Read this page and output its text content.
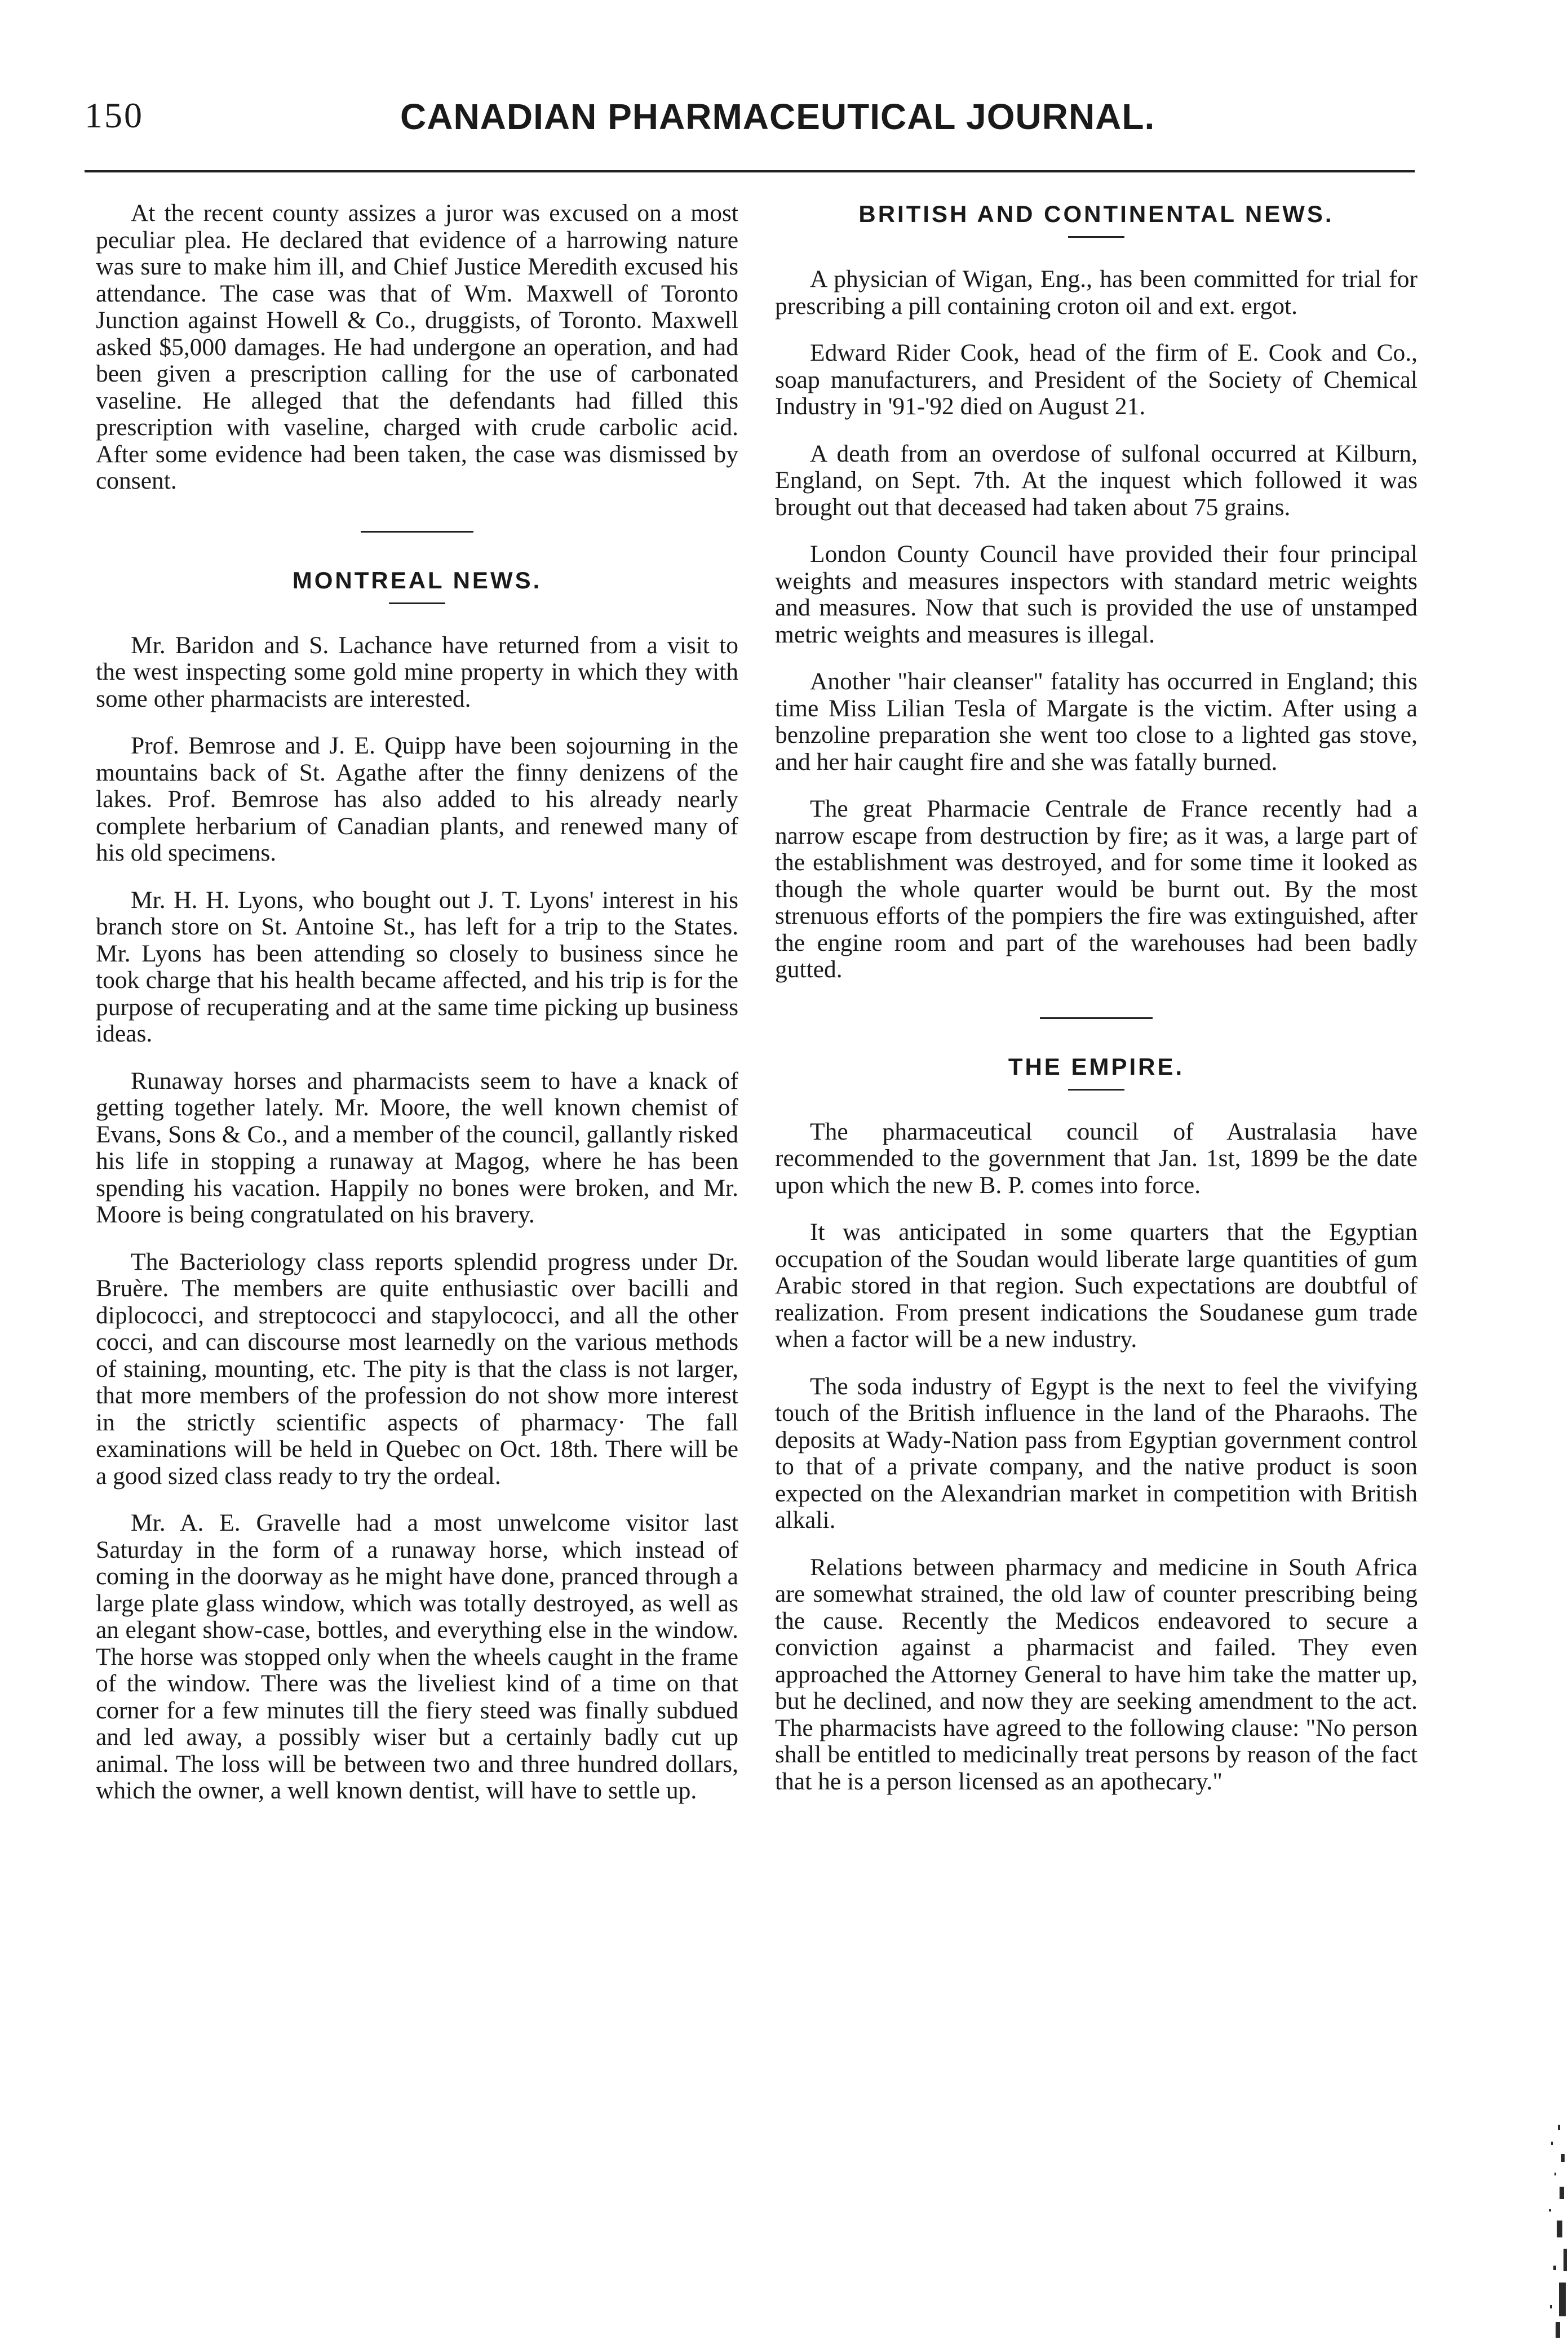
150	CANADIAN PHARMACEUTICAL JOURNAL.

At the recent county assizes a juror was excused on a most peculiar plea. He declared that evidence of a harrowing nature was sure to make him ill, and Chief Justice Meredith excused his attendance. The case was that of Wm. Maxwell of Toronto Junction against Howell & Co., druggists, of Toronto. Maxwell asked $5,000 damages. He had undergone an operation, and had been given a prescription calling for the use of carbonated vaseline. He alleged that the defendants had filled this prescription with vaseline, charged with crude carbolic acid. After some evidence had been taken, the case was dismissed by consent.

MONTREAL NEWS.

Mr. Baridon and S. Lachance have returned from a visit to the west inspecting some gold mine property in which they with some other pharmacists are interested.

Prof. Bemrose and J. E. Quipp have been sojourning in the mountains back of St. Agathe after the finny denizens of the lakes. Prof. Bemrose has also added to his already nearly complete herbarium of Canadian plants, and renewed many of his old specimens.

Mr. H. H. Lyons, who bought out J. T. Lyons' interest in his branch store on St. Antoine St., has left for a trip to the States. Mr. Lyons has been attending so closely to business since he took charge that his health became affected, and his trip is for the purpose of recuperating and at the same time picking up business ideas.

Runaway horses and pharmacists seem to have a knack of getting together lately. Mr. Moore, the well known chemist of Evans, Sons & Co., and a member of the council, gallantly risked his life in stopping a runaway at Magog, where he has been spending his vacation. Happily no bones were broken, and Mr. Moore is being congratulated on his bravery.

The Bacteriology class reports splendid progress under Dr. Bruère. The members are quite enthusiastic over bacilli and diplococci, and streptococci and stapylococci, and all the other cocci, and can discourse most learnedly on the various methods of staining, mounting, etc. The pity is that the class is not larger, that more members of the profession do not show more interest in the strictly scientific aspects of pharmacy· The fall examinations will be held in Quebec on Oct. 18th. There will be a good sized class ready to try the ordeal.

Mr. A. E. Gravelle had a most unwelcome visitor last Saturday in the form of a runaway horse, which instead of coming in the doorway as he might have done, pranced through a large plate glass window, which was totally destroyed, as well as an elegant show-case, bottles, and everything else in the window. The horse was stopped only when the wheels caught in the frame of the window. There was the liveliest kind of a time on that corner for a few minutes till the fiery steed was finally subdued and led away, a possibly wiser but a certainly badly cut up animal. The loss will be between two and three hundred dollars, which the owner, a well known dentist, will have to settle up.

BRITISH AND CONTINENTAL NEWS.

A physician of Wigan, Eng., has been committed for trial for prescribing a pill containing croton oil and ext. ergot.

Edward Rider Cook, head of the firm of E. Cook and Co., soap manufacturers, and President of the Society of Chemical Industry in '91-'92 died on August 21.

A death from an overdose of sulfonal occurred at Kilburn, England, on Sept. 7th. At the inquest which followed it was brought out that deceased had taken about 75 grains.

London County Council have provided their four principal weights and measures inspectors with standard metric weights and measures. Now that such is provided the use of unstamped metric weights and measures is illegal.

Another "hair cleanser" fatality has occurred in England; this time Miss Lilian Tesla of Margate is the victim. After using a benzoline preparation she went too close to a lighted gas stove, and her hair caught fire and she was fatally burned.

The great Pharmacie Centrale de France recently had a narrow escape from destruction by fire; as it was, a large part of the establishment was destroyed, and for some time it looked as though the whole quarter would be burnt out. By the most strenuous efforts of the pompiers the fire was extinguished, after the engine room and part of the warehouses had been badly gutted.

THE EMPIRE.

The pharmaceutical council of Australasia have recommended to the government that Jan. 1st, 1899 be the date upon which the new B. P. comes into force.

It was anticipated in some quarters that the Egyptian occupation of the Soudan would liberate large quantities of gum Arabic stored in that region. Such expectations are doubtful of realization. From present indications the Soudanese gum trade when a factor will be a new industry.

The soda industry of Egypt is the next to feel the vivifying touch of the British influence in the land of the Pharaohs. The deposits at Wady-Nation pass from Egyptian government control to that of a private company, and the native product is soon expected on the Alexandrian market in competition with British alkali.

Relations between pharmacy and medicine in South Africa are somewhat strained, the old law of counter prescribing being the cause. Recently the Medicos endeavored to secure a conviction against a pharmacist and failed. They even approached the Attorney General to have him take the matter up, but he declined, and now they are seeking amendment to the act. The pharmacists have agreed to the following clause: "No person shall be entitled to medicinally treat persons by reason of the fact that he is a person licensed as an apothecary."
